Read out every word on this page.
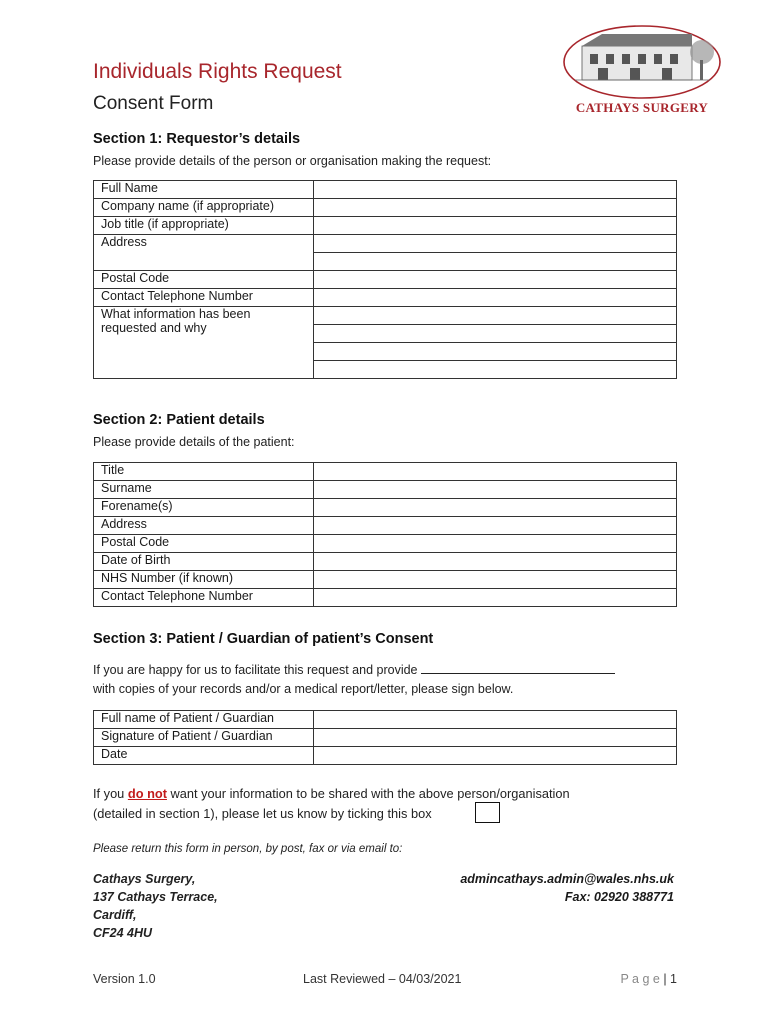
Individuals Rights Request
Consent Form	CATHAYS SURGERY
Section 1: Requestor’s details
Please provide details of the person or organisation making the request:
Full Name	
Company name (if appropriate)	
Job title (if appropriate)	
Address	

Postal Code	
Contact Telephone Number	
What information has been
requested and why	

Section 2: Patient details
Please provide details of the patient:
Title	
Surname	
Forename(s)	
Address	
Postal Code	
Date of Birth	
NHS Number (if known)	
Contact Telephone Number	
Section 3: Patient / Guardian of patient’s Consent
If you are happy for us to facilitate this request and provide
with copies of your records and/or a medical report/letter, please sign below.
Full name of Patient / Guardian	
Signature of Patient / Guardian	
Date	
If you do not want your information to be shared with the above person/organisation
(detailed in section 1), please let us know by ticking this box
Please return this form in person, by post, fax or via email to:
Cathays Surgery,
137 Cathays Terrace,
Cardiff,
CF24 4HU
admincathays.admin@wales.nhs.uk
Fax: 02920 388771
Version 1.0	Last Reviewed – 04/03/2021	P a g e | 1
